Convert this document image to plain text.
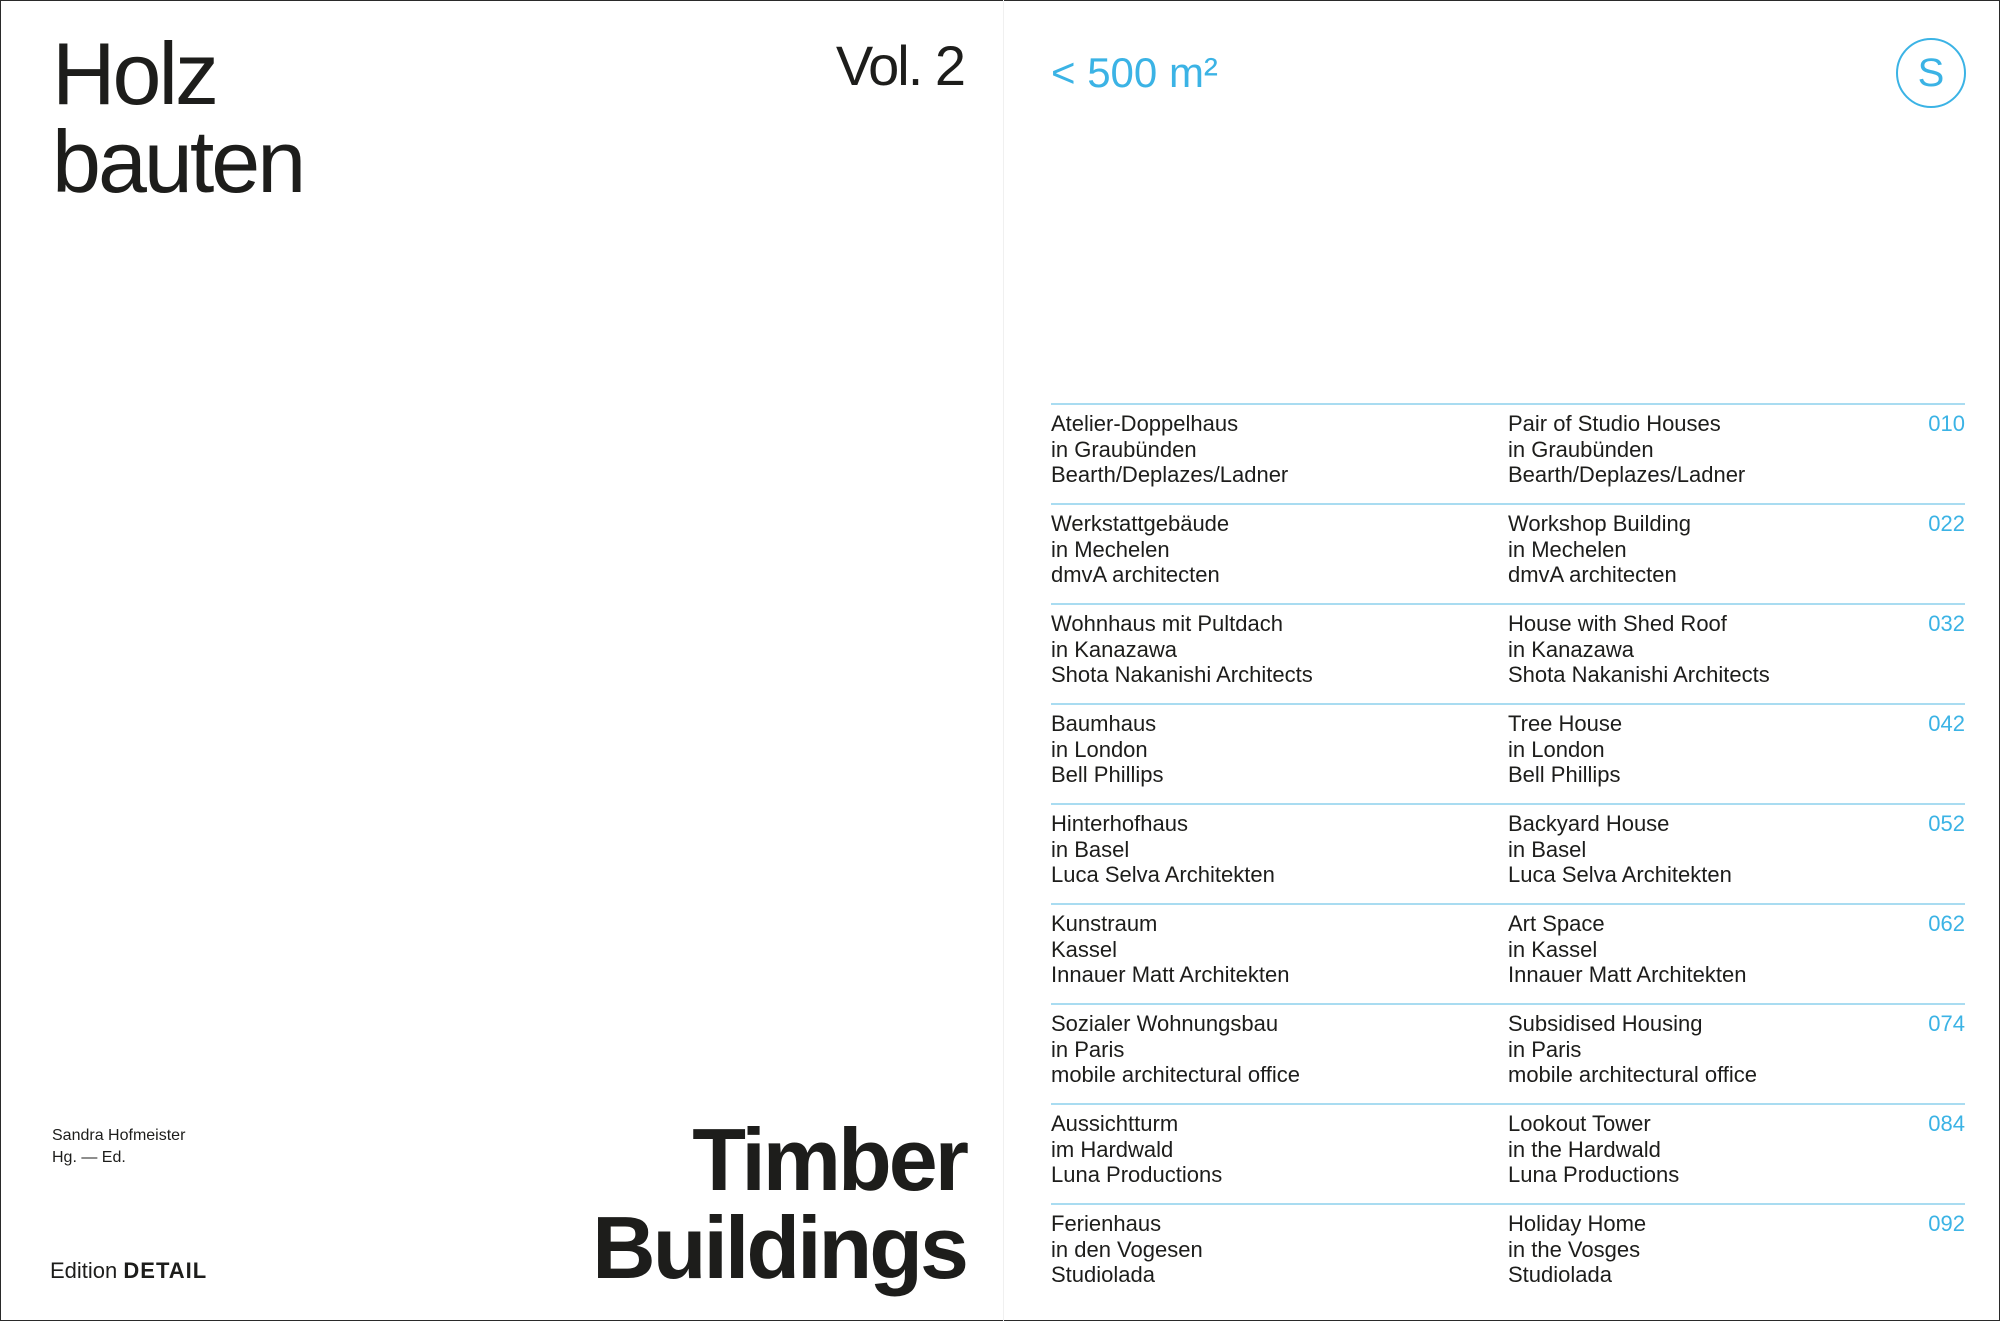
Holz
bauten
Vol. 2
Sandra Hofmeister
Hg. — Ed.
Edition DETAIL
Timber
Buildings
< 500 m²	S
Atelier-Doppelhaus
in Graubünden
Bearth/Deplazes/Ladner
Pair of Studio Houses
in Graubünden
Bearth/Deplazes/Ladner
010
Werkstattgebäude
in Mechelen
dmvA architecten
Workshop Building
in Mechelen
dmvA architecten
022
Wohnhaus mit Pultdach
in Kanazawa
Shota Nakanishi Architects
House with Shed Roof
in Kanazawa
Shota Nakanishi Architects
032
Baumhaus
in London
Bell Phillips
Tree House
in London
Bell Phillips
042
Hinterhofhaus
in Basel
Luca Selva Architekten
Backyard House
in Basel
Luca Selva Architekten
052
Kunstraum
Kassel
Innauer Matt Architekten
Art Space
in Kassel
Innauer Matt Architekten
062
Sozialer Wohnungsbau
in Paris
mobile architectural office
Subsidised Housing
in Paris
mobile architectural office
074
Aussichtturm
im Hardwald
Luna Productions
Lookout Tower
in the Hardwald
Luna Productions
084
Ferienhaus
in den Vogesen
Studiolada
Holiday Home
in the Vosges
Studiolada
092
